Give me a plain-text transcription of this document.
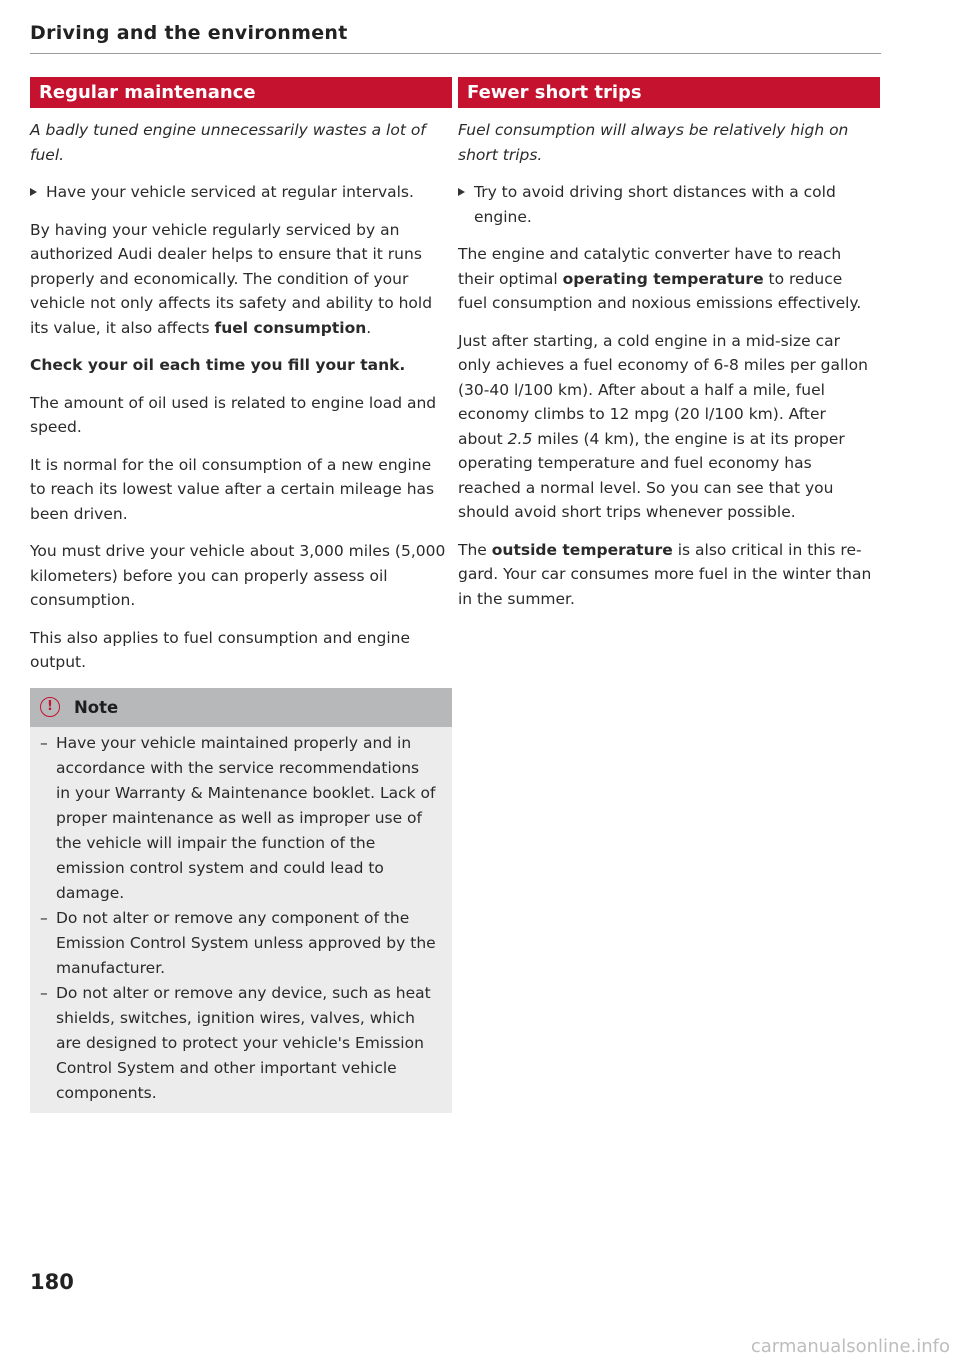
Driving and the environment
Regular maintenance

A badly tuned engine unnecessarily wastes a lot of fuel.

Have your vehicle serviced at regular intervals.

By having your vehicle regularly serviced by an authorized Audi dealer helps to ensure that it runs properly and economically. The condition of your vehicle not only affects its safety and ability to hold its value, it also affects fuel consumption.

Check your oil each time you fill your tank.

The amount of oil used is related to engine load and speed.

It is normal for the oil consumption of a new engine to reach its lowest value after a certain mileage has been driven.

You must drive your vehicle about 3,000 miles (5,000 kilometers) before you can properly assess oil consumption.

This also applies to fuel consumption and engine output.

!	Note
– Have your vehicle maintained properly and in accordance with the service recommendations in your Warranty & Maintenance booklet. Lack of proper maintenance as well as improper use of the vehicle will impair the function of the emission control system and could lead to damage.
– Do not alter or remove any component of the Emission Control System unless approved by the manufacturer.
– Do not alter or remove any device, such as heat shields, switches, ignition wires, valves, which are designed to protect your vehicle's Emission Control System and other important vehicle components.
Fewer short trips

Fuel consumption will always be relatively high on short trips.

Try to avoid driving short distances with a cold engine.

The engine and catalytic converter have to reach their optimal operating temperature to reduce fuel consumption and noxious emissions effectively.

Just after starting, a cold engine in a mid-size car only achieves a fuel economy of 6-8 miles per gallon (30-40 l/100 km). After about a half a mile, fuel economy climbs to 12 mpg (20 l/100 km). After about 2.5 miles (4 km), the engine is at its proper operating temperature and fuel economy has reached a normal level. So you can see that you should avoid short trips whenever possible.

The outside temperature is also critical in this regard. Your car consumes more fuel in the winter than in the summer.

180
carmanualsonline.info
